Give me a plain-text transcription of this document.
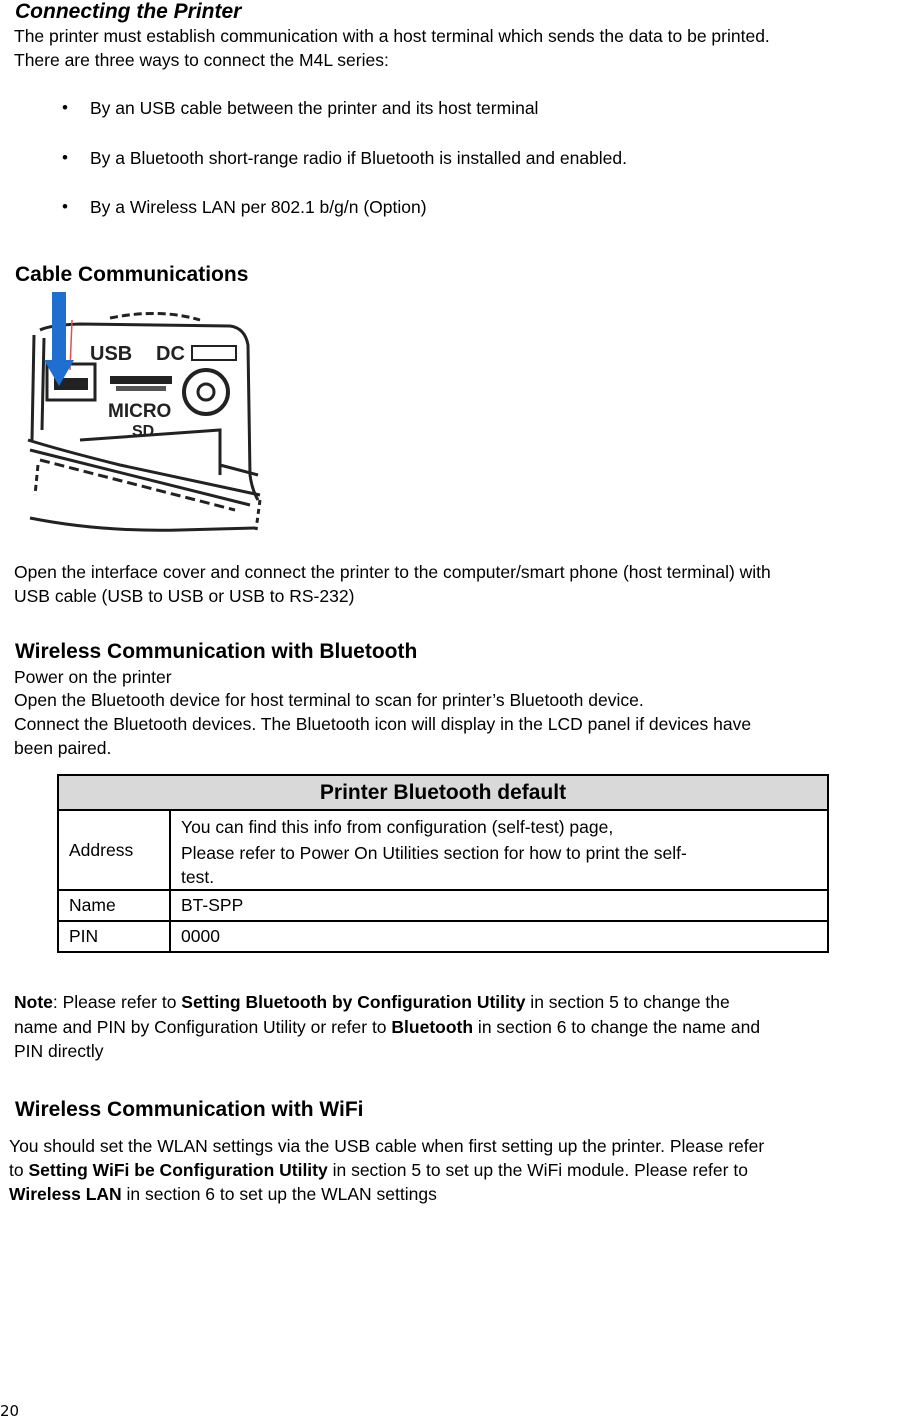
Connecting the Printer
The printer must establish communication with a host terminal which sends the data to be printed.
There are three ways to connect the M4L series:
• By an USB cable between the printer and its host terminal
• By a Bluetooth short-range radio if Bluetooth is installed and enabled.
• By a Wireless LAN per 802.1 b/g/n (Option)
Cable Communications
USB DC
MICRO
SD
Open the interface cover and connect the printer to the computer/smart phone (host terminal) with
USB cable (USB to USB or USB to RS-232)
Wireless Communication with Bluetooth
Power on the printer
Open the Bluetooth device for host terminal to scan for printer’s Bluetooth device.
Connect the Bluetooth devices. The Bluetooth icon will display in the LCD panel if devices have
been paired.
Printer Bluetooth default	
Address	You can find this info from configuration (self-test) page,
Please refer to Power On Utilities section for how to print the self-
test.

Name	BT-SPP
PIN	0000
Note: Please refer to Setting Bluetooth by Configuration Utility in section 5 to change the
name and PIN by Configuration Utility or refer to Bluetooth in section 6 to change the name and
PIN directly
Wireless Communication with WiFi
You should set the WLAN settings via the USB cable when first setting up the printer. Please refer
to Setting WiFi be Configuration Utility in section 5 to set up the WiFi module. Please refer to
Wireless LAN in section 6 to set up the WLAN settings
20
